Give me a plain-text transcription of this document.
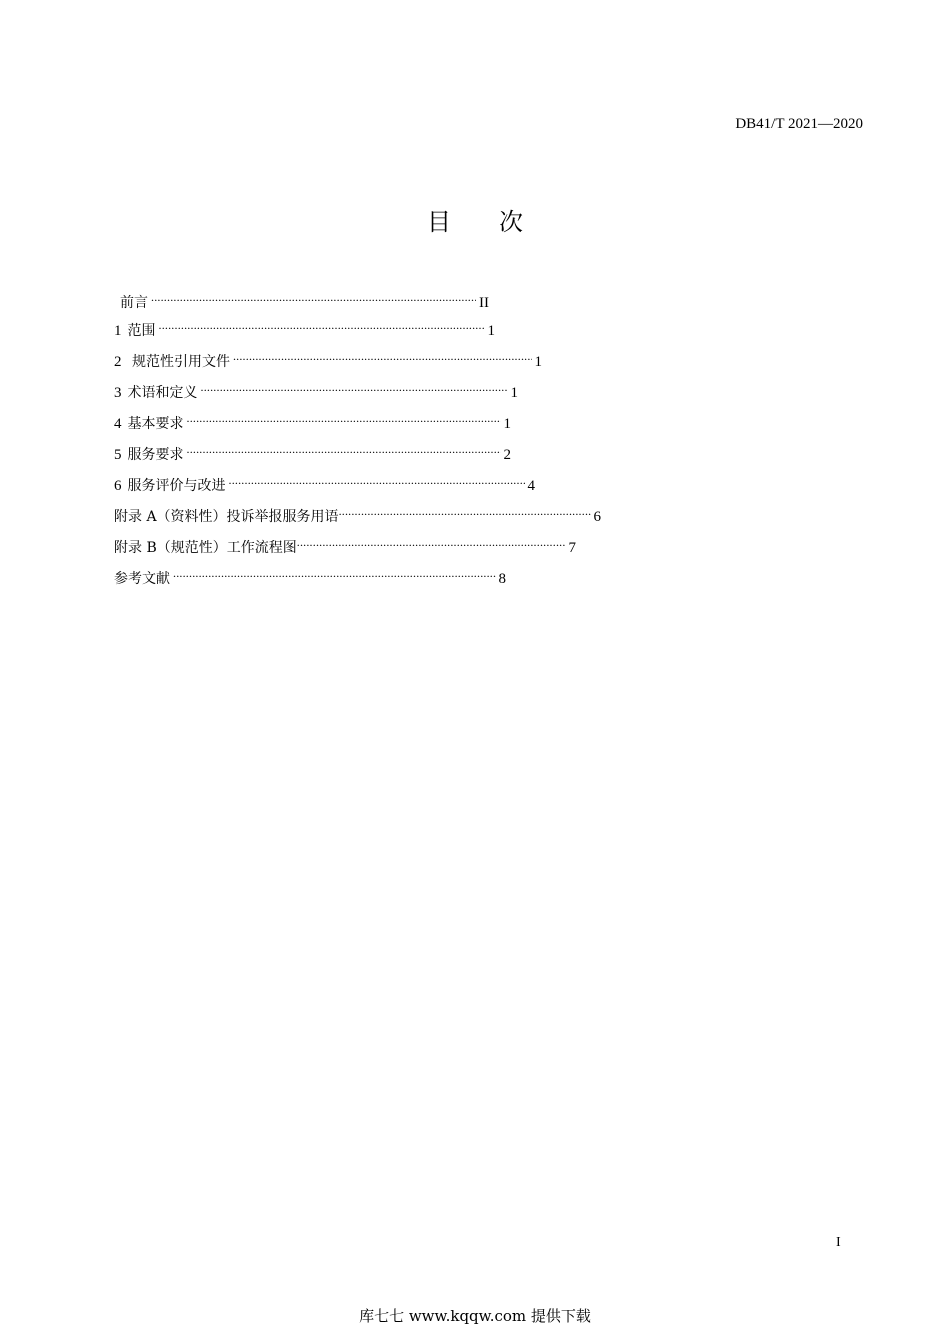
DB41/T 2021—2020
目次
前言 .....	II
1 范围 .....	1
2 规范性引用文件 .....	1
3 术语和定义 .....	1
4 基本要求 .....	1
5 服务要求 .....	2
6 服务评价与改进 .....	4
附录 A（资料性）投诉举报服务用语 .....	6
附录 B（规范性）工作流程图 .....	7
参考文献 .....	8
I
库七七 www.kqqw.com 提供下载
